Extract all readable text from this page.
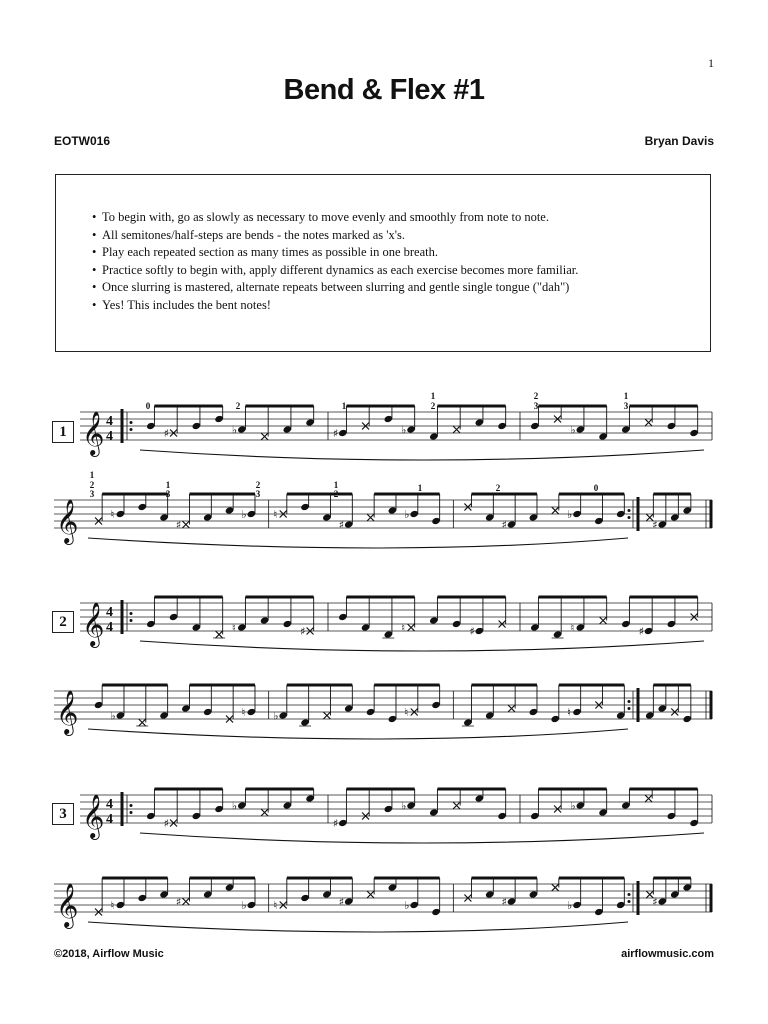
1
Bend & Flex #1
EOTW016	Bryan Davis
• To begin with, go as slowly as necessary to move evenly and smoothly from note to note.
• All semitones/half-steps are bends - the notes marked as 'x's.
• Play each repeated section as many times as possible in one breath.
• Practice softly to begin with, apply different dynamics as each exercise becomes more familiar.
• Once slurring is mastered, alternate repeats between slurring and gentle single tongue ("dah")
• Yes! This includes the bent notes!
1
2
3
𝄞 4
4	♯	♭	♯	♭	♭
𝄞	♮
♯
♭ ♮
♯
♭
♯
♭
♯
𝄞 4
4	♮	♯	♮	♯	♮	♯
𝄞	♭	♮	♭	♮	♮
𝄞 4
4	♯
♭
♯
♭	♭
𝄞	♮	♯	♭ ♮	♯	♭	♯	♭	♯
0	2	1
1
2
2
3
1
3
1
2
3
1
3
2
3
1
2
1	2	0
©2018, Airflow Music	airflowmusic.com
